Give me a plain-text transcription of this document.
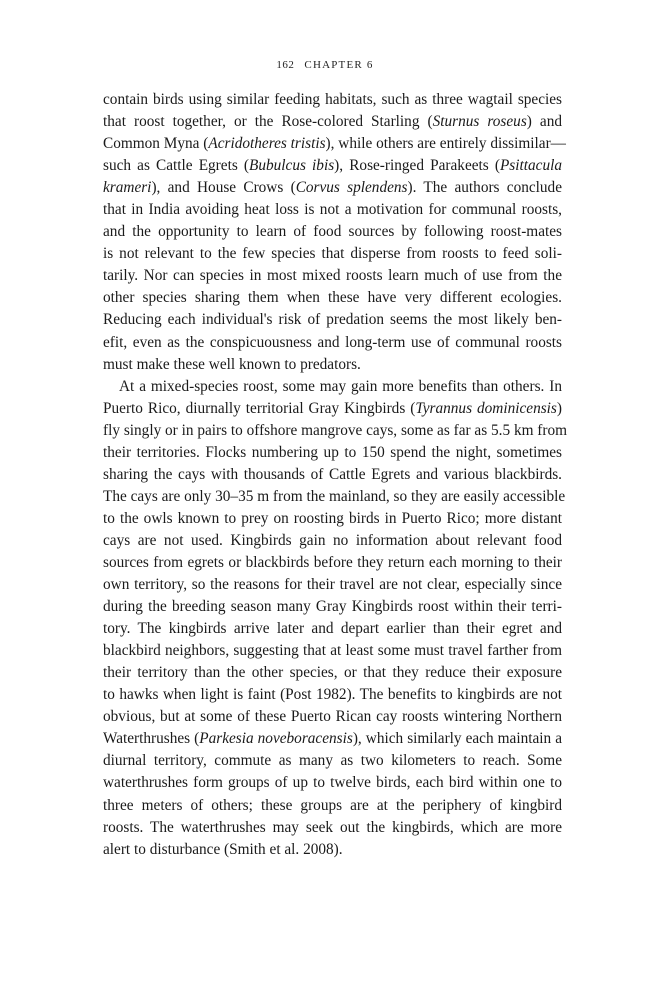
162 CHAPTER 6
contain birds using similar feeding habitats, such as three wagtail species
that roost together, or the Rose-colored Starling (Sturnus roseus) and
Common Myna (Acridotheres tristis), while others are entirely dissimilar—
such as Cattle Egrets (Bubulcus ibis), Rose-ringed Parakeets (Psittacula
krameri), and House Crows (Corvus splendens). The authors conclude
that in India avoiding heat loss is not a motivation for communal roosts,
and the opportunity to learn of food sources by following roost-mates
is not relevant to the few species that disperse from roosts to feed soli-
tarily. Nor can species in most mixed roosts learn much of use from the
other species sharing them when these have very different ecologies.
Reducing each individual's risk of predation seems the most likely ben-
efit, even as the conspicuousness and long-term use of communal roosts
must make these well known to predators.
At a mixed-species roost, some may gain more benefits than others. In
Puerto Rico, diurnally territorial Gray Kingbirds (Tyrannus dominicensis)
fly singly or in pairs to offshore mangrove cays, some as far as 5.5 km from
their territories. Flocks numbering up to 150 spend the night, sometimes
sharing the cays with thousands of Cattle Egrets and various blackbirds.
The cays are only 30–35 m from the mainland, so they are easily accessible
to the owls known to prey on roosting birds in Puerto Rico; more distant
cays are not used. Kingbirds gain no information about relevant food
sources from egrets or blackbirds before they return each morning to their
own territory, so the reasons for their travel are not clear, especially since
during the breeding season many Gray Kingbirds roost within their terri-
tory. The kingbirds arrive later and depart earlier than their egret and
blackbird neighbors, suggesting that at least some must travel farther from
their territory than the other species, or that they reduce their exposure
to hawks when light is faint (Post 1982). The benefits to kingbirds are not
obvious, but at some of these Puerto Rican cay roosts wintering Northern
Waterthrushes (Parkesia noveboracensis), which similarly each maintain a
diurnal territory, commute as many as two kilometers to reach. Some
waterthrushes form groups of up to twelve birds, each bird within one to
three meters of others; these groups are at the periphery of kingbird
roosts. The waterthrushes may seek out the kingbirds, which are more
alert to disturbance (Smith et al. 2008).
